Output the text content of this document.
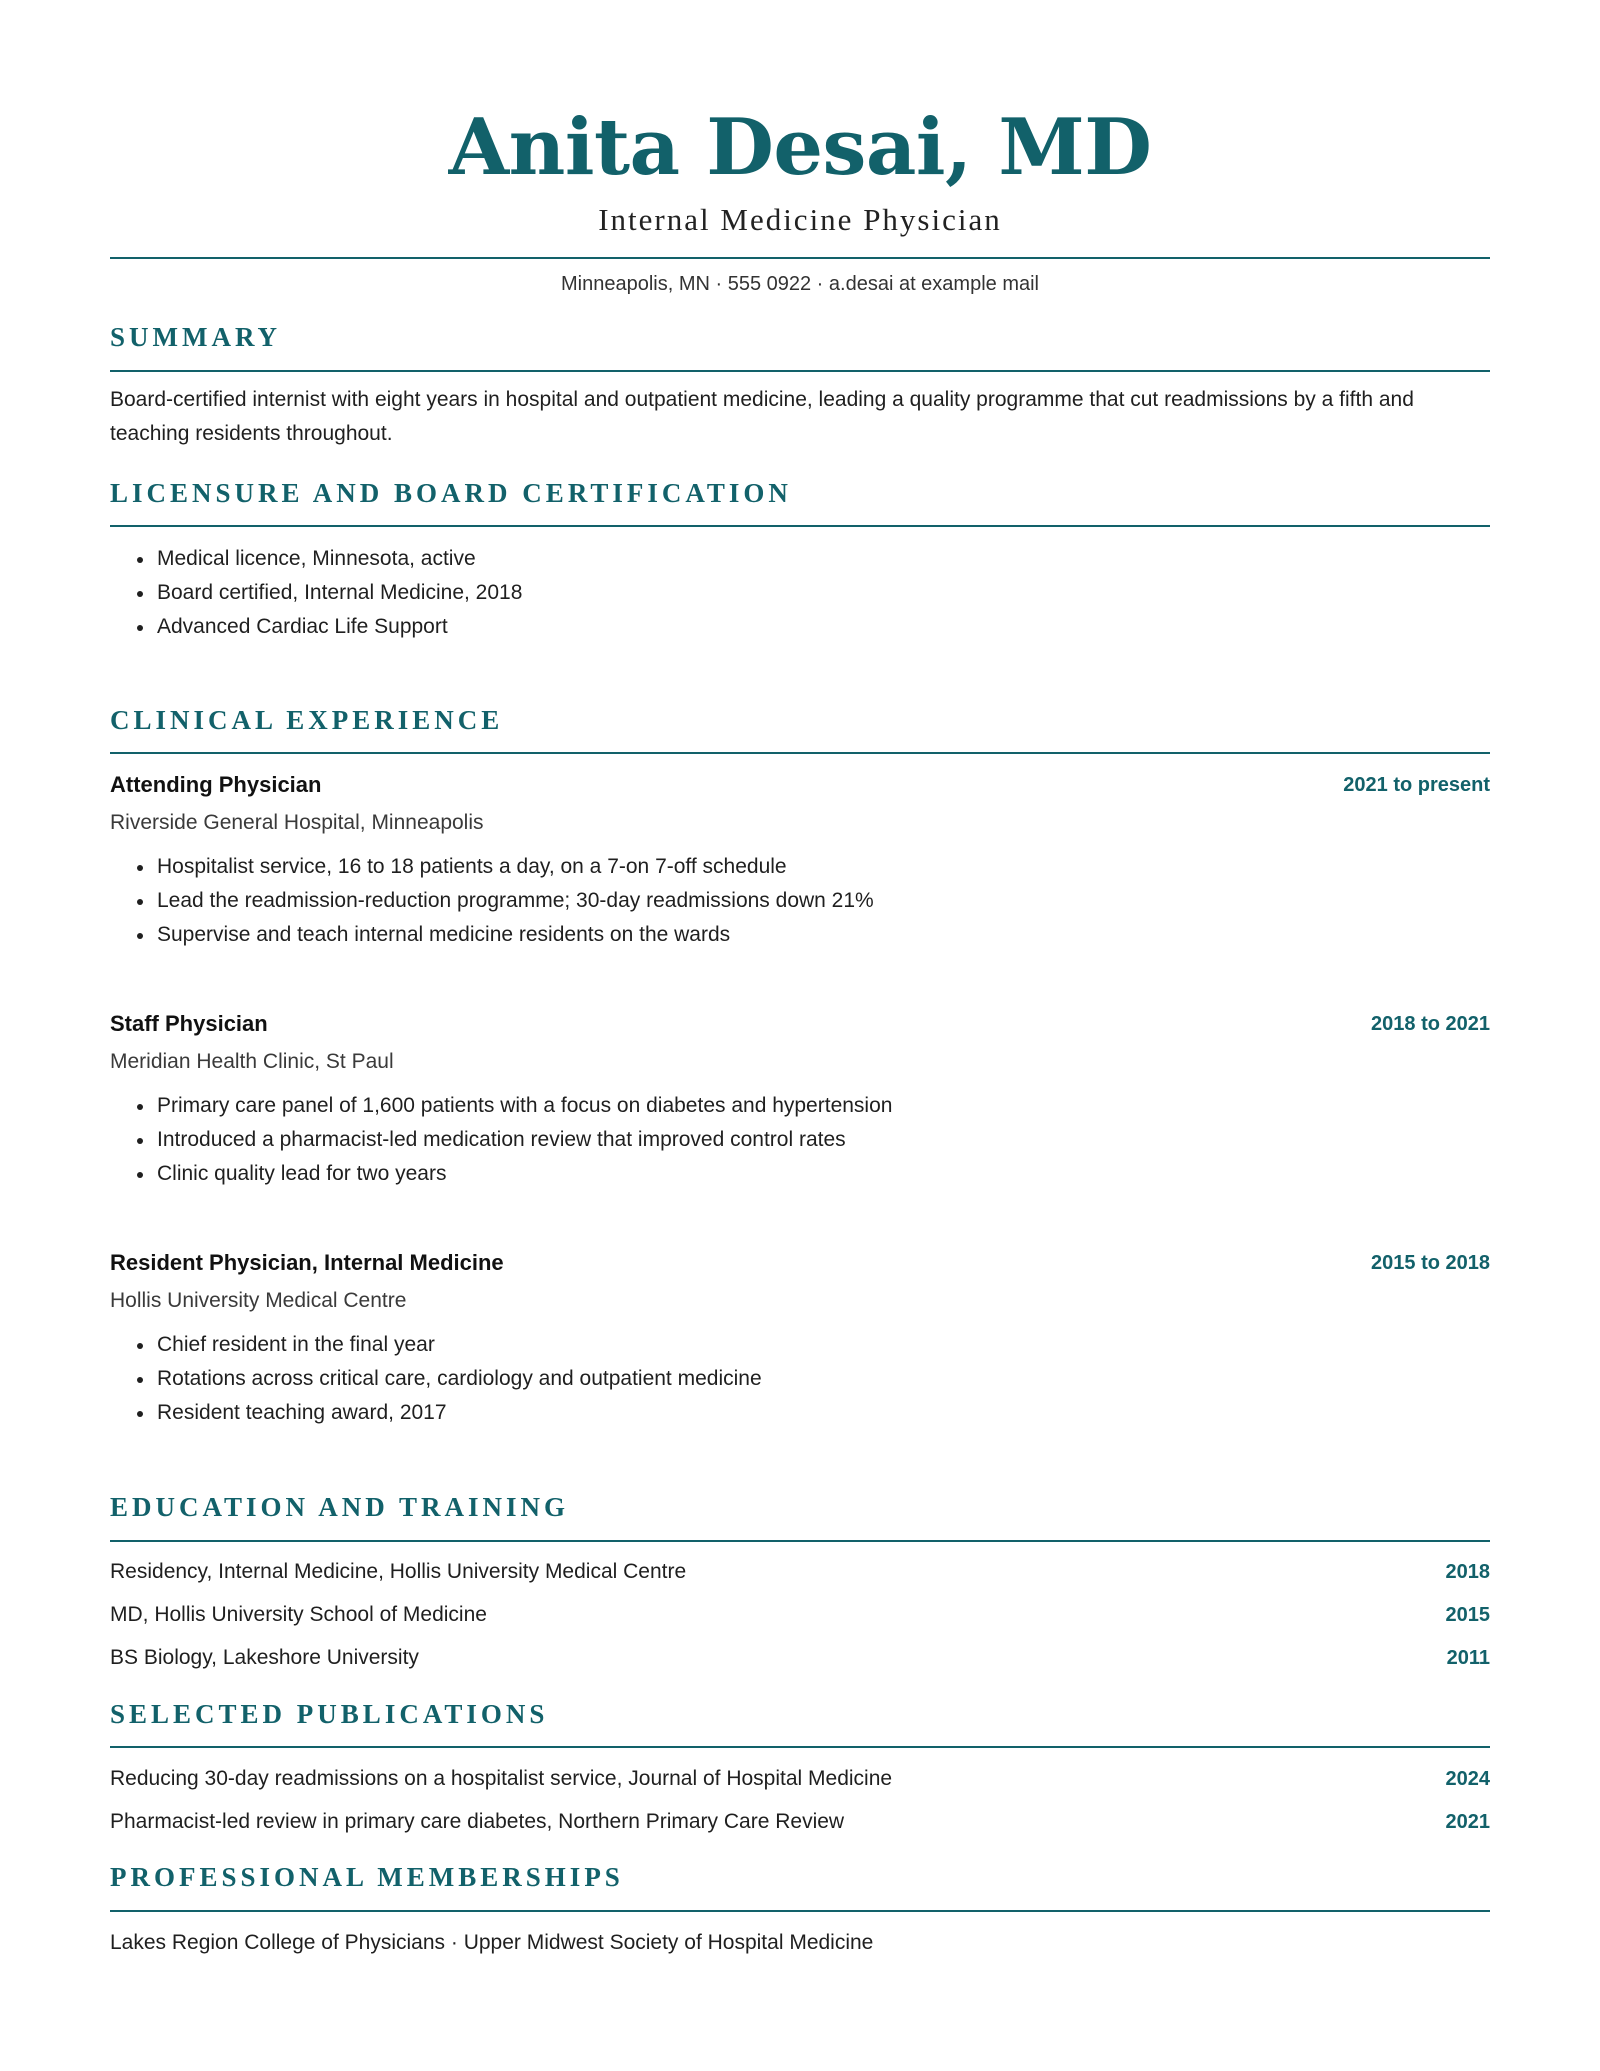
Anita Desai, MD
Internal Medicine Physician
Minneapolis, MN · 555 0922 · a.desai at example mail
SUMMARY
Board-certified internist with eight years in hospital and outpatient medicine, leading a quality programme that cut readmissions by a fifth and teaching residents throughout.
LICENSURE AND BOARD CERTIFICATION
Medical licence, Minnesota, active
Board certified, Internal Medicine, 2018
Advanced Cardiac Life Support
CLINICAL EXPERIENCE
Attending Physician	2021 to present
Riverside General Hospital, Minneapolis
Hospitalist service, 16 to 18 patients a day, on a 7-on 7-off schedule
Lead the readmission-reduction programme; 30-day readmissions down 21%
Supervise and teach internal medicine residents on the wards
Staff Physician	2018 to 2021
Meridian Health Clinic, St Paul
Primary care panel of 1,600 patients with a focus on diabetes and hypertension
Introduced a pharmacist-led medication review that improved control rates
Clinic quality lead for two years
Resident Physician, Internal Medicine	2015 to 2018
Hollis University Medical Centre
Chief resident in the final year
Rotations across critical care, cardiology and outpatient medicine
Resident teaching award, 2017
EDUCATION AND TRAINING
Residency, Internal Medicine, Hollis University Medical Centre	2018
MD, Hollis University School of Medicine	2015
BS Biology, Lakeshore University	2011
SELECTED PUBLICATIONS
Reducing 30-day readmissions on a hospitalist service, Journal of Hospital Medicine	2024
Pharmacist-led review in primary care diabetes, Northern Primary Care Review	2021
PROFESSIONAL MEMBERSHIPS
Lakes Region College of Physicians · Upper Midwest Society of Hospital Medicine
